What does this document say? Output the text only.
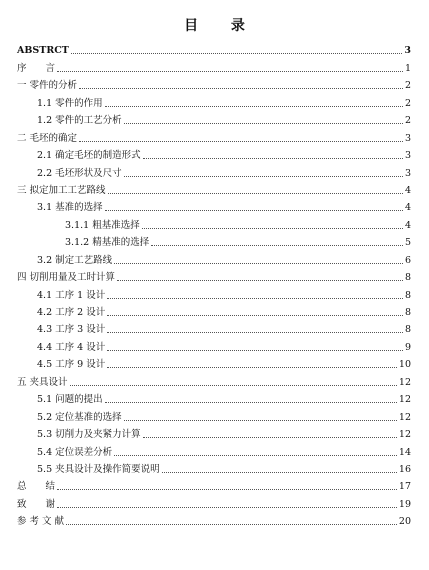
目 录
ABSTRCT	3
序　　言	1
一 零件的分析	2
1.1 零件的作用	2
1.2 零件的工艺分析	2
二 毛坯的确定	3
2.1 确定毛坯的制造形式	3
2.2 毛坯形状及尺寸	3
三 拟定加工工艺路线	4
3.1 基准的选择	4
3.1.1 粗基准选择	4
3.1.2 精基准的选择	5
3.2 制定工艺路线	6
四 切削用量及工时计算	8
4.1 工序 1 设计	8
4.2 工序 2 设计	8
4.3 工序 3 设计	8
4.4 工序 4 设计	9
4.5 工序 9 设计	10
五 夹具设计	12
5.1 问题的提出	12
5.2 定位基准的选择	12
5.3 切削力及夹紧力计算	12
5.4 定位误差分析	14
5.5 夹具设计及操作简要说明	16
总　　结	17
致　　谢	19
参 考 文 献	20
